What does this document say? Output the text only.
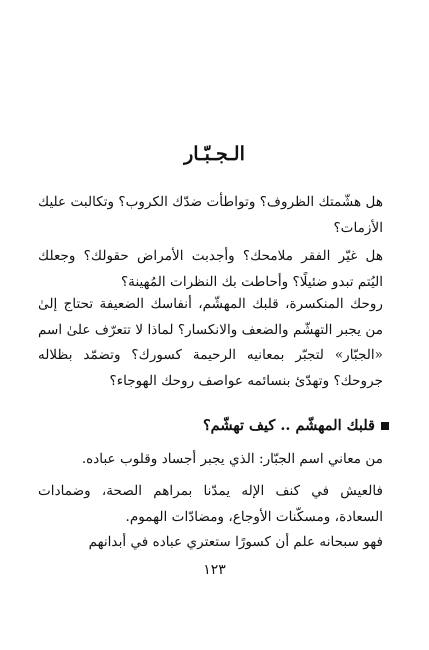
الـجـبّـار

هل هشّمتك الظروف؟ وتواطأت ضدّك الكروب؟ وتكالبت عليك الأزمات؟

هل غيّر الفقر ملامحك؟ وأجدبت الأمراض حقولك؟ وجعلك اليُتم تبدو ضئيلًا؟ وأحاطت بك النظرات المُهينة؟

روحك المنكسرة، قلبك المهشّم، أنفاسك الضعيفة تحتاج إلىٰ من يجبر التهشّم والضعف والانكسار؟ لماذا لا تتعرّف علىٰ اسم «الجبّار» لتجبّر بمعانيه الرحيمة كسورك؟ وتضمّد بظلاله جروحك؟ وتهدّئ بنسائمه عواصف روحك الهوجاء؟

قلبك المهشّم .. كيف تهشّم؟

من معاني اسم الجبّار: الذي يجبر أجساد وقلوب عباده.

فالعيش في كنف الإله يمدّنا بمراهم الصحة، وضمادات السعادة، ومسكّنات الأوجاع، ومضادّات الهموم.

فهو سبحانه علم أن كسورًا ستعتري عباده في أبدانهم

١٢٣
